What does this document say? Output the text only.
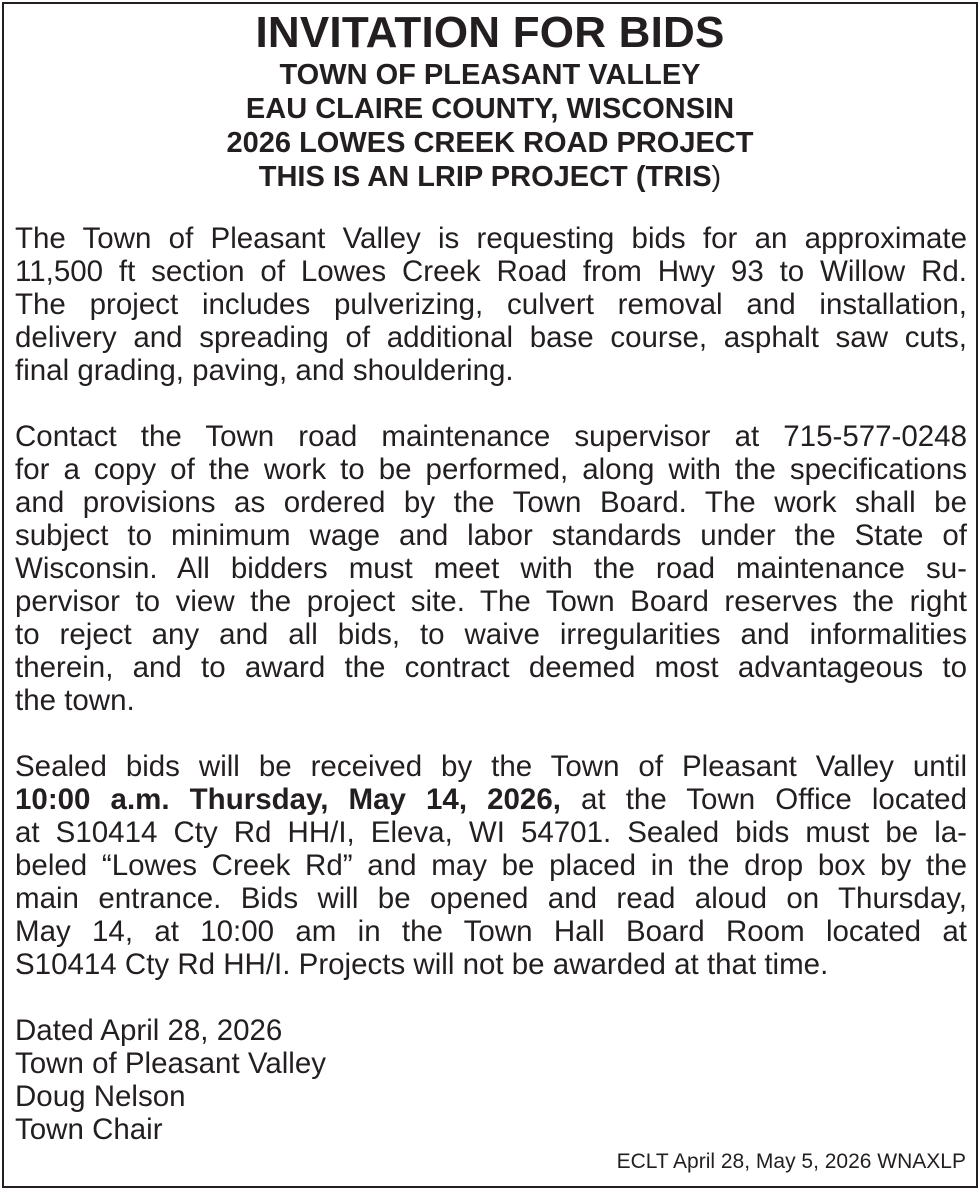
INVITATION FOR BIDS
TOWN OF PLEASANT VALLEY
EAU CLAIRE COUNTY, WISCONSIN
2026 LOWES CREEK ROAD PROJECT
THIS IS AN LRIP PROJECT (TRIS)

The Town of Pleasant Valley is requesting bids for an approximate
11,500 ft section of Lowes Creek Road from Hwy 93 to Willow Rd.
The project includes pulverizing, culvert removal and installation,
delivery and spreading of additional base course, asphalt saw cuts,
final grading, paving, and shouldering.

Contact the Town road maintenance supervisor at 715-577-0248
for a copy of the work to be performed, along with the specifications
and provisions as ordered by the Town Board. The work shall be
subject to minimum wage and labor standards under the State of
Wisconsin. All bidders must meet with the road maintenance su-
pervisor to view the project site. The Town Board reserves the right
to reject any and all bids, to waive irregularities and informalities
therein, and to award the contract deemed most advantageous to
the town.

Sealed bids will be received by the Town of Pleasant Valley until
10:00 a.m. Thursday, May 14, 2026, at the Town Office located
at S10414 Cty Rd HH/I, Eleva, WI 54701. Sealed bids must be la-
beled “Lowes Creek Rd” and may be placed in the drop box by the
main entrance. Bids will be opened and read aloud on Thursday,
May 14, at 10:00 am in the Town Hall Board Room located at
S10414 Cty Rd HH/I. Projects will not be awarded at that time.

Dated April 28, 2026
Town of Pleasant Valley
Doug Nelson
Town Chair
ECLT April 28, May 5, 2026 WNAXLP
